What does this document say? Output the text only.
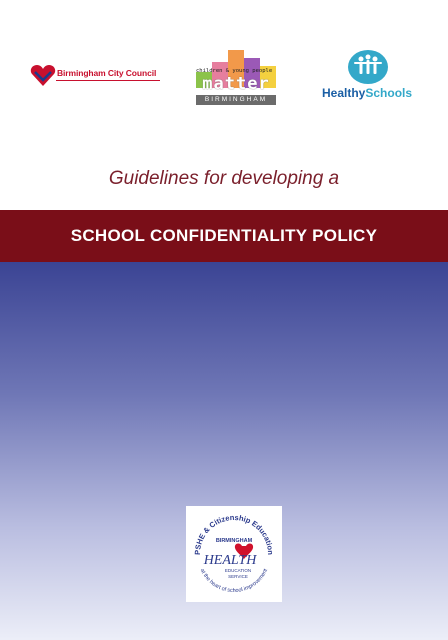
Birmingham City Council	children & young people
matter
BIRMINGHAM	HealthySchools
Guidelines for developing a
SCHOOL CONFIDENTIALITY POLICY
PSHE & Citizenship Education
at the heart of school improvement
BIRMINGHAM
HEALTH
EDUCATION
SERVICE
